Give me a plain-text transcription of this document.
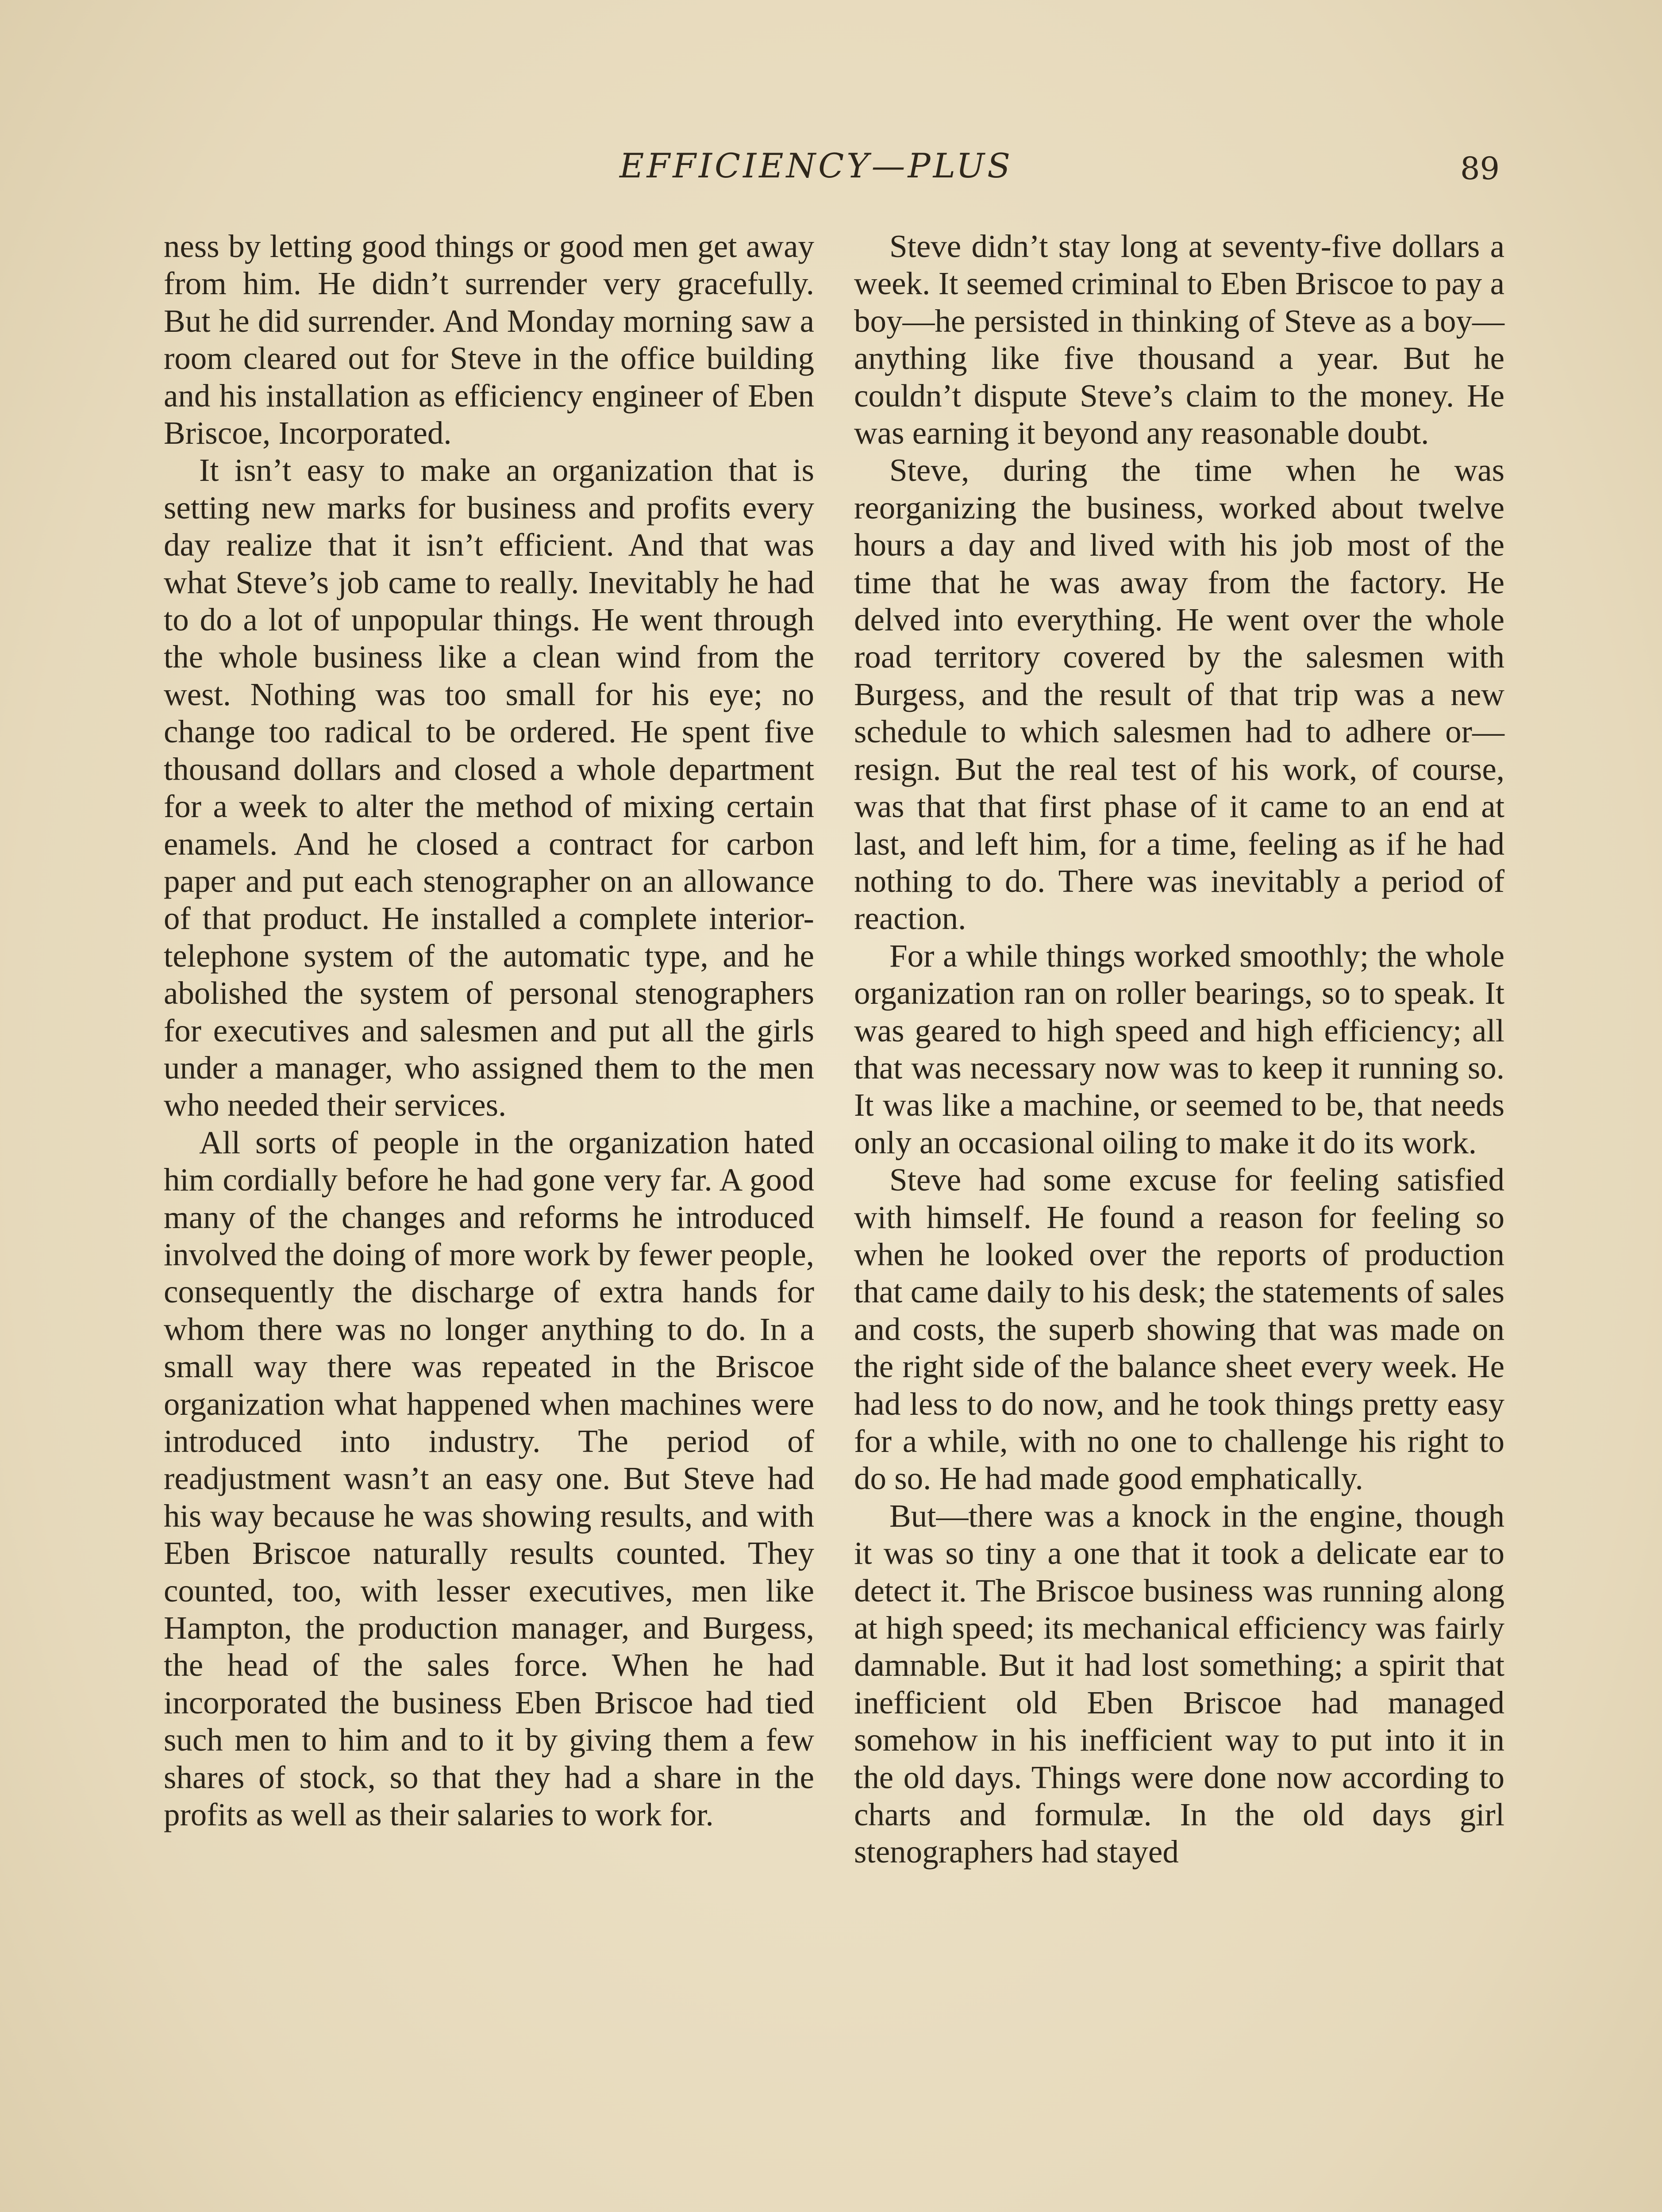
EFFICIENCY—PLUS	89

ness by letting good things or good men get away from him. He didn’t surrender very gracefully. But he did surrender. And Monday morning saw a room cleared out for Steve in the office building and his installation as efficiency engineer of Eben Briscoe, Incorporated.

It isn’t easy to make an organization that is setting new marks for business and profits every day realize that it isn’t efficient. And that was what Steve’s job came to really. Inevitably he had to do a lot of unpopular things. He went through the whole business like a clean wind from the west. Nothing was too small for his eye; no change too radical to be ordered. He spent five thousand dollars and closed a whole department for a week to alter the method of mixing certain enamels. And he closed a contract for carbon paper and put each stenographer on an allowance of that product. He installed a complete interior-telephone system of the automatic type, and he abolished the system of personal stenographers for executives and salesmen and put all the girls under a manager, who assigned them to the men who needed their services.

All sorts of people in the organization hated him cordially before he had gone very far. A good many of the changes and reforms he introduced involved the doing of more work by fewer people, consequently the discharge of extra hands for whom there was no longer anything to do. In a small way there was repeated in the Briscoe organization what happened when machines were introduced into industry. The period of readjustment wasn’t an easy one. But Steve had his way because he was showing results, and with Eben Briscoe naturally results counted. They counted, too, with lesser executives, men like Hampton, the production manager, and Burgess, the head of the sales force. When he had incorporated the business Eben Briscoe had tied such men to him and to it by giving them a few shares of stock, so that they had a share in the profits as well as their salaries to work for.

Steve didn’t stay long at seventy-five dollars a week. It seemed criminal to Eben Briscoe to pay a boy—he persisted in thinking of Steve as a boy—anything like five thousand a year. But he couldn’t dispute Steve’s claim to the money. He was earning it beyond any reasonable doubt.

Steve, during the time when he was reorganizing the business, worked about twelve hours a day and lived with his job most of the time that he was away from the factory. He delved into everything. He went over the whole road territory covered by the salesmen with Burgess, and the result of that trip was a new schedule to which salesmen had to adhere or—resign. But the real test of his work, of course, was that that first phase of it came to an end at last, and left him, for a time, feeling as if he had nothing to do. There was inevitably a period of reaction.

For a while things worked smoothly; the whole organization ran on roller bearings, so to speak. It was geared to high speed and high efficiency; all that was necessary now was to keep it running so. It was like a machine, or seemed to be, that needs only an occasional oiling to make it do its work.

Steve had some excuse for feeling satisfied with himself. He found a reason for feeling so when he looked over the reports of production that came daily to his desk; the statements of sales and costs, the superb showing that was made on the right side of the balance sheet every week. He had less to do now, and he took things pretty easy for a while, with no one to challenge his right to do so. He had made good emphatically.

But—there was a knock in the engine, though it was so tiny a one that it took a delicate ear to detect it. The Briscoe business was running along at high speed; its mechanical efficiency was fairly damnable. But it had lost something; a spirit that inefficient old Eben Briscoe had managed somehow in his inefficient way to put into it in the old days. Things were done now according to charts and formulæ. In the old days girl stenographers had stayed
